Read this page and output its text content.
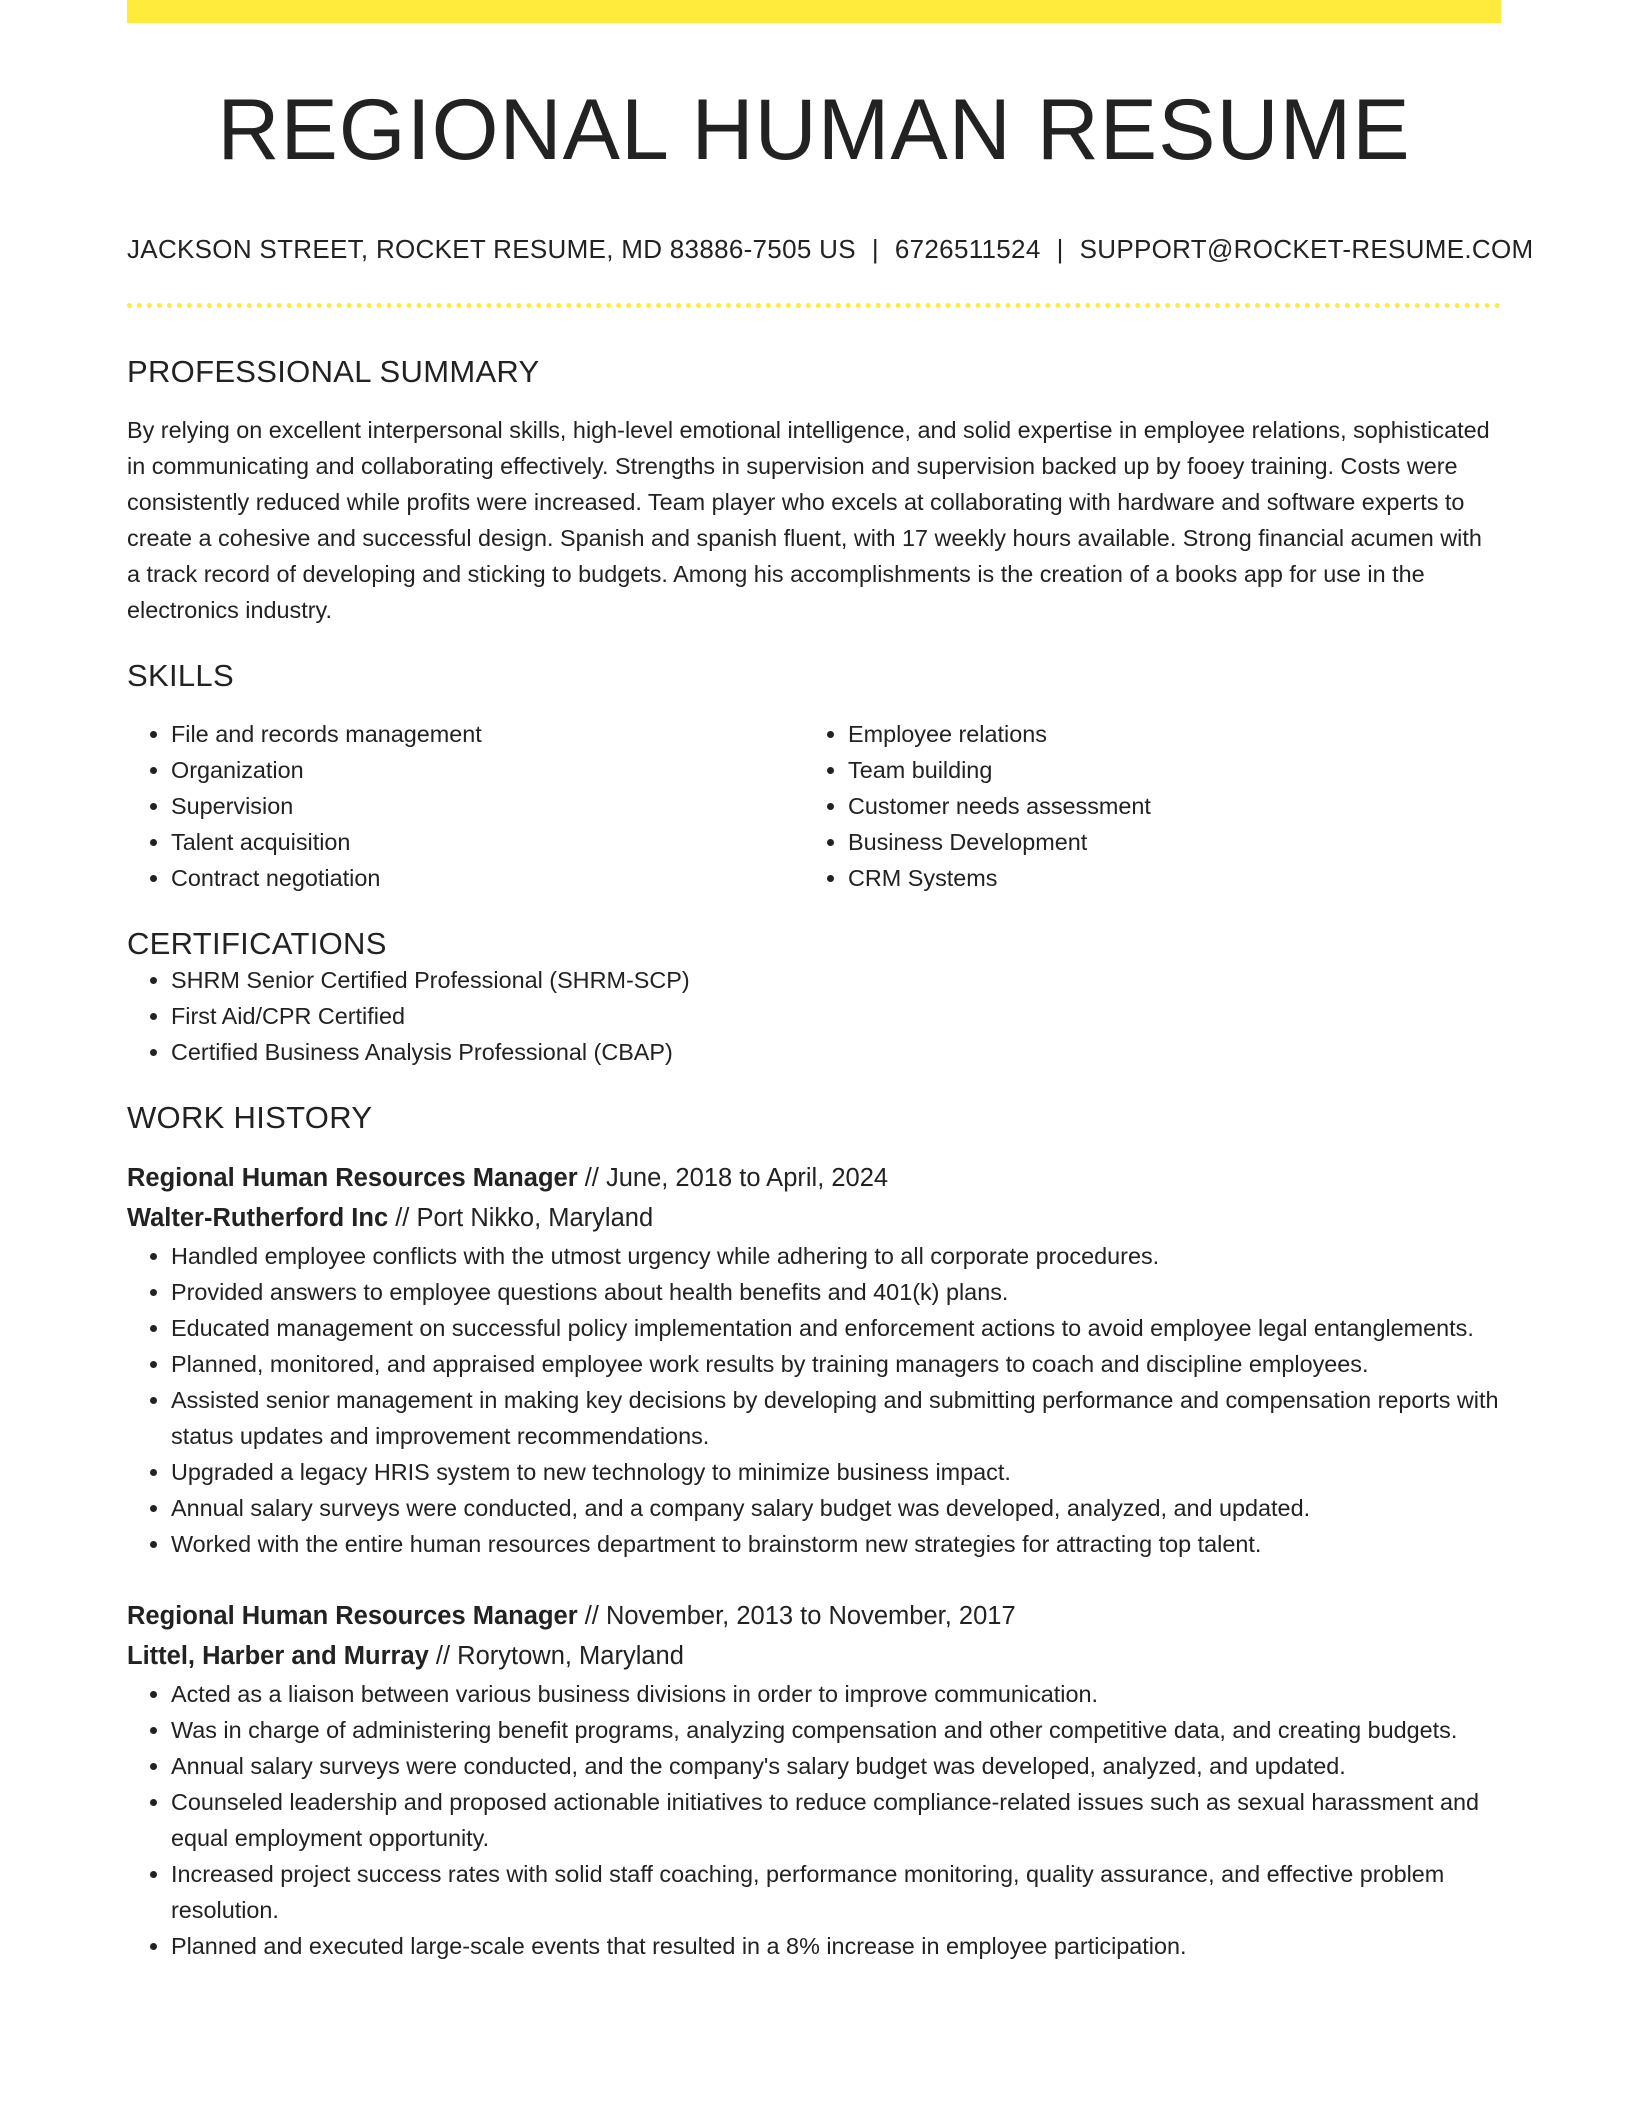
REGIONAL HUMAN RESUME
JACKSON STREET, ROCKET RESUME, MD 83886-7505 US | 6726511524 | SUPPORT@ROCKET-RESUME.COM
PROFESSIONAL SUMMARY

By relying on excellent interpersonal skills, high-level emotional intelligence, and solid expertise in employee relations, sophisticated in communicating and collaborating effectively. Strengths in supervision and supervision backed up by fooey training. Costs were consistently reduced while profits were increased. Team player who excels at collaborating with hardware and software experts to create a cohesive and successful design. Spanish and spanish fluent, with 17 weekly hours available. Strong financial acumen with a track record of developing and sticking to budgets. Among his accomplishments is the creation of a books app for use in the electronics industry.

SKILLS
• File and records management
• Organization
• Supervision
• Talent acquisition
• Contract negotiation
• Employee relations
• Team building
• Customer needs assessment
• Business Development
• CRM Systems
CERTIFICATIONS
• SHRM Senior Certified Professional (SHRM-SCP)
• First Aid/CPR Certified
• Certified Business Analysis Professional (CBAP)
WORK HISTORY
Regional Human Resources Manager // June, 2018 to April, 2024
Walter-Rutherford Inc // Port Nikko, Maryland
• Handled employee conflicts with the utmost urgency while adhering to all corporate procedures.
• Provided answers to employee questions about health benefits and 401(k) plans.
• Educated management on successful policy implementation and enforcement actions to avoid employee legal entanglements.
• Planned, monitored, and appraised employee work results by training managers to coach and discipline employees.
• Assisted senior management in making key decisions by developing and submitting performance and compensation reports with status updates and improvement recommendations.
• Upgraded a legacy HRIS system to new technology to minimize business impact.
• Annual salary surveys were conducted, and a company salary budget was developed, analyzed, and updated.
• Worked with the entire human resources department to brainstorm new strategies for attracting top talent.
Regional Human Resources Manager // November, 2013 to November, 2017
Littel, Harber and Murray // Rorytown, Maryland
• Acted as a liaison between various business divisions in order to improve communication.
• Was in charge of administering benefit programs, analyzing compensation and other competitive data, and creating budgets.
• Annual salary surveys were conducted, and the company's salary budget was developed, analyzed, and updated.
• Counseled leadership and proposed actionable initiatives to reduce compliance-related issues such as sexual harassment and equal employment opportunity.
• Increased project success rates with solid staff coaching, performance monitoring, quality assurance, and effective problem resolution.
• Planned and executed large-scale events that resulted in a 8% increase in employee participation.
